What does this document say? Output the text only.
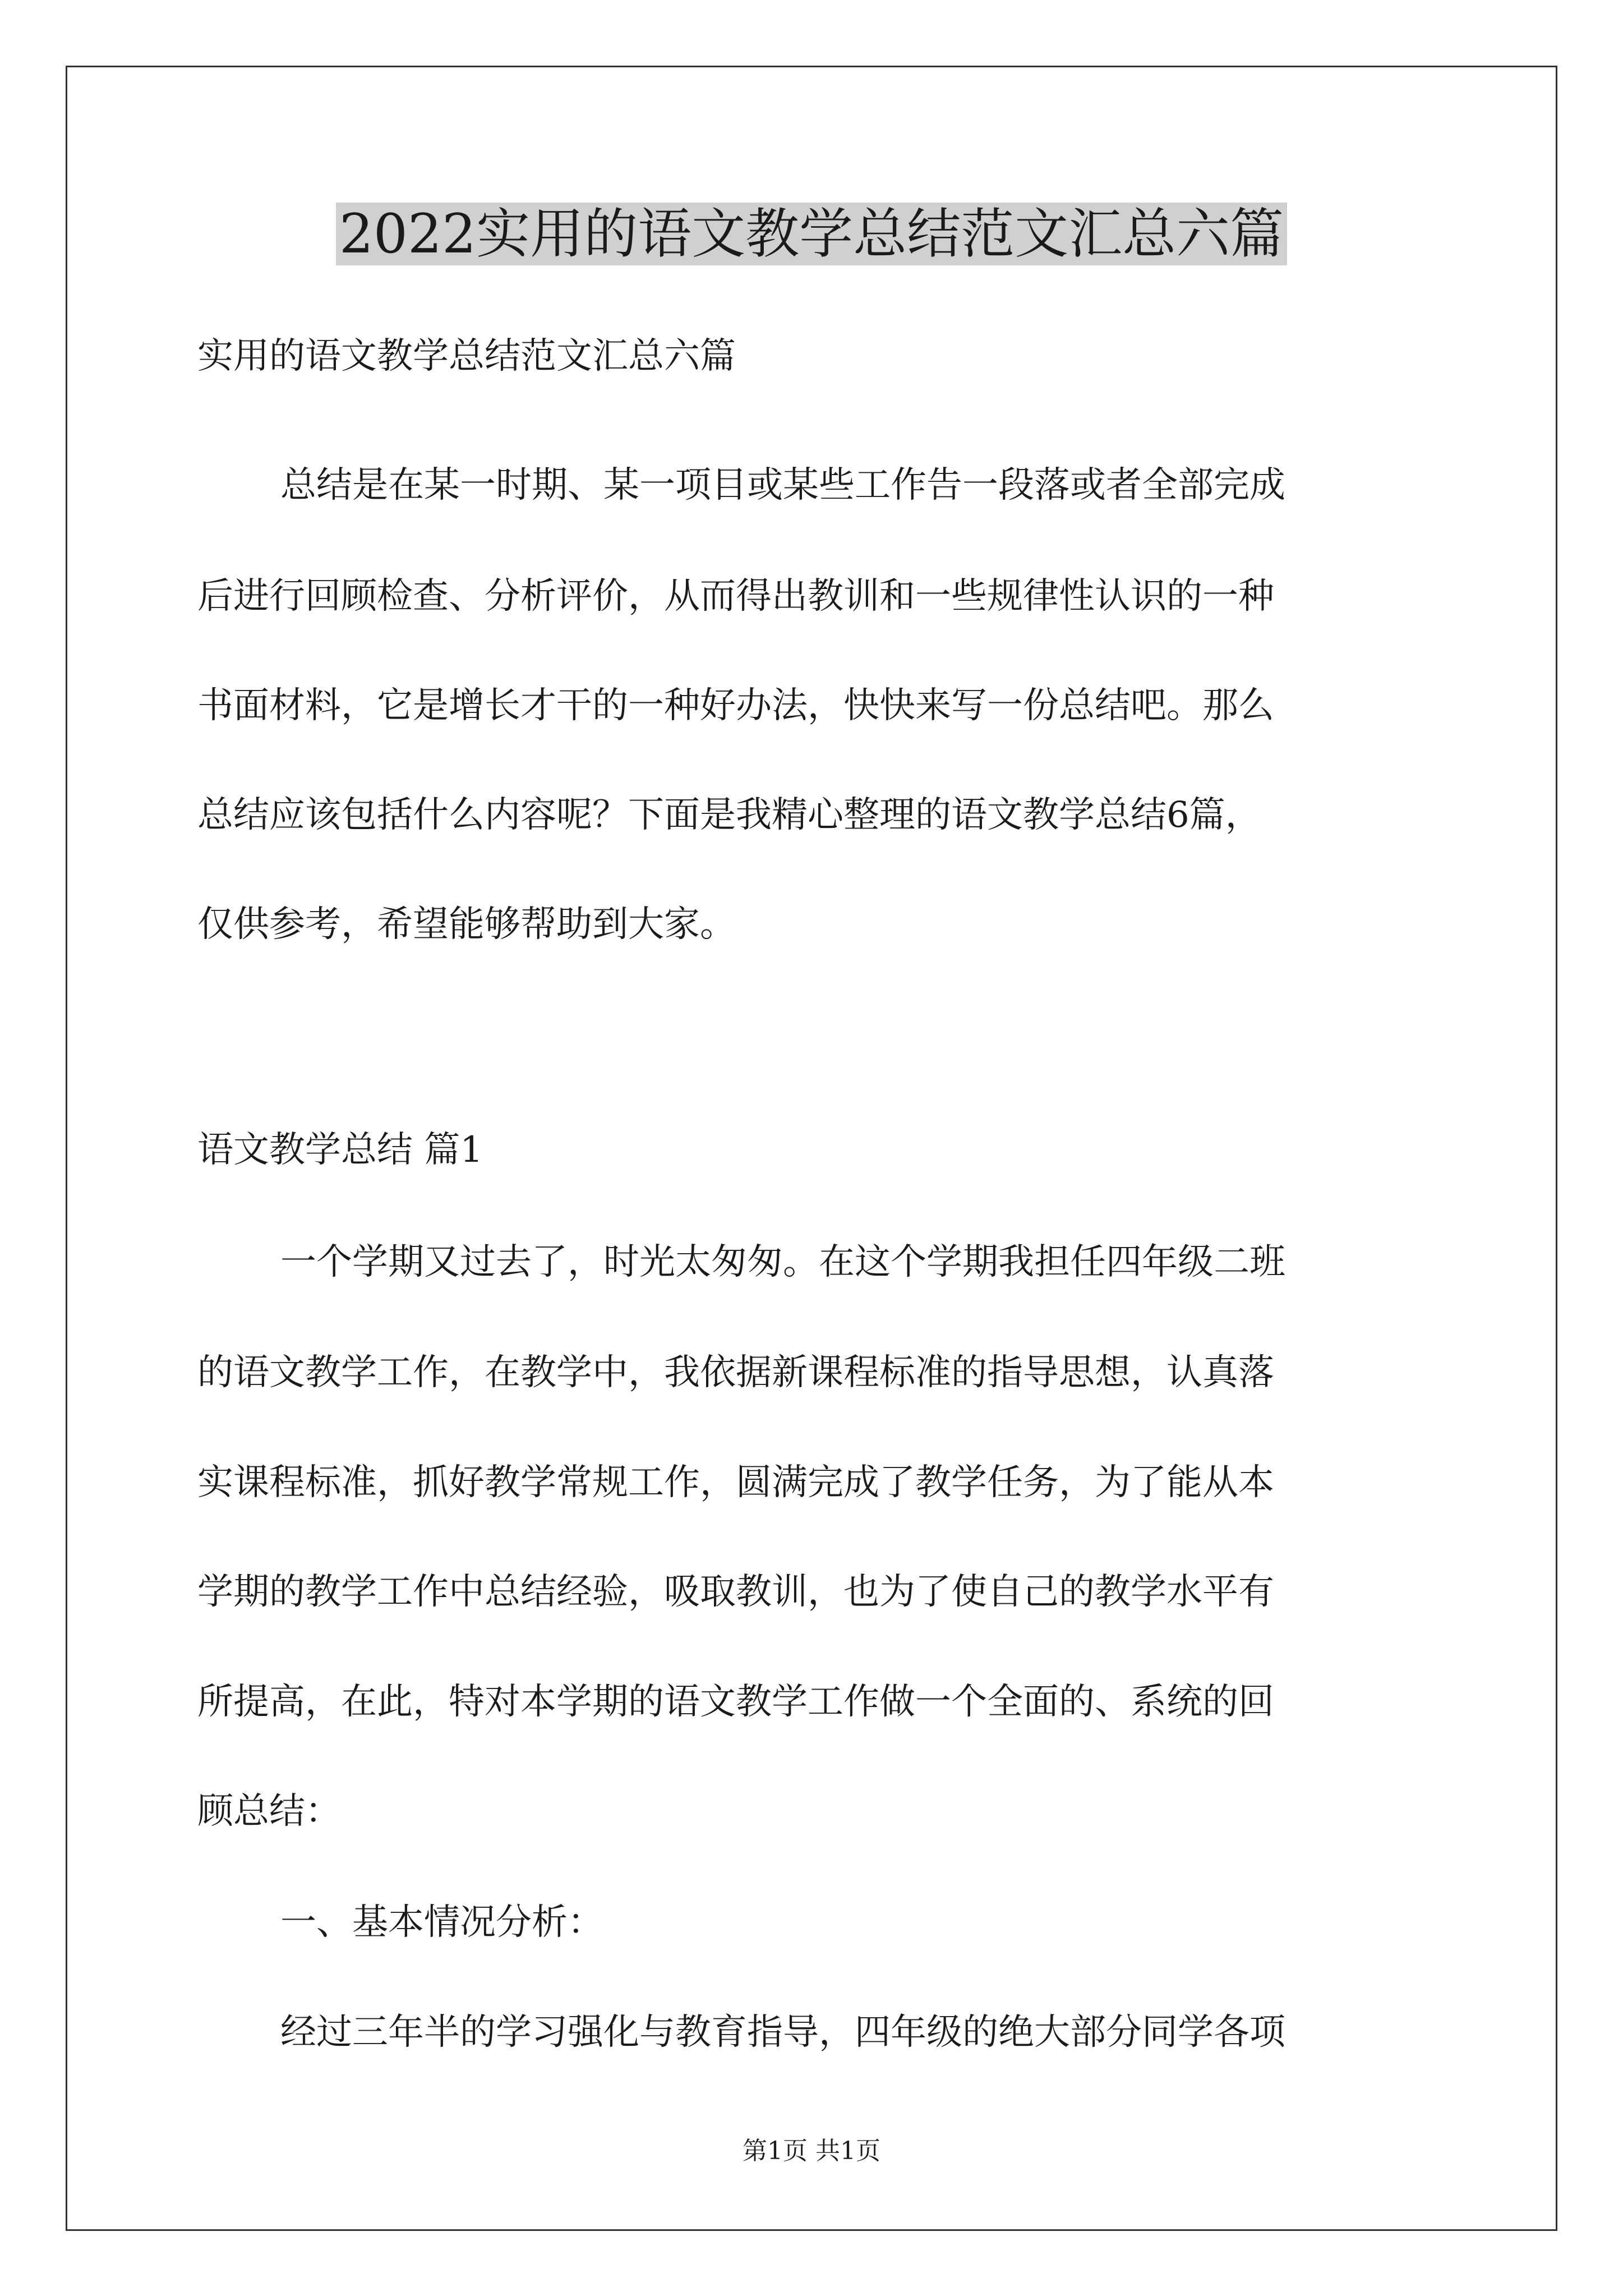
2022实用的语文教学总结范文汇总六篇
实用的语文教学总结范文汇总六篇
总结是在某一时期、某一项目或某些工作告一段落或者全部完成
后进行回顾检查、分析评价，从而得出教训和一些规律性认识的一种
书面材料，它是增长才干的一种好办法，快快来写一份总结吧。那么
总结应该包括什么内容呢？下面是我精心整理的语文教学总结6篇，
仅供参考，希望能够帮助到大家。
语文教学总结 篇1
一个学期又过去了，时光太匆匆。在这个学期我担任四年级二班
的语文教学工作，在教学中，我依据新课程标准的指导思想，认真落
实课程标准，抓好教学常规工作，圆满完成了教学任务，为了能从本
学期的教学工作中总结经验，吸取教训，也为了使自己的教学水平有
所提高，在此，特对本学期的语文教学工作做一个全面的、系统的回
顾总结：
一、基本情况分析：
经过三年半的学习强化与教育指导，四年级的绝大部分同学各项
第1页 共1页
